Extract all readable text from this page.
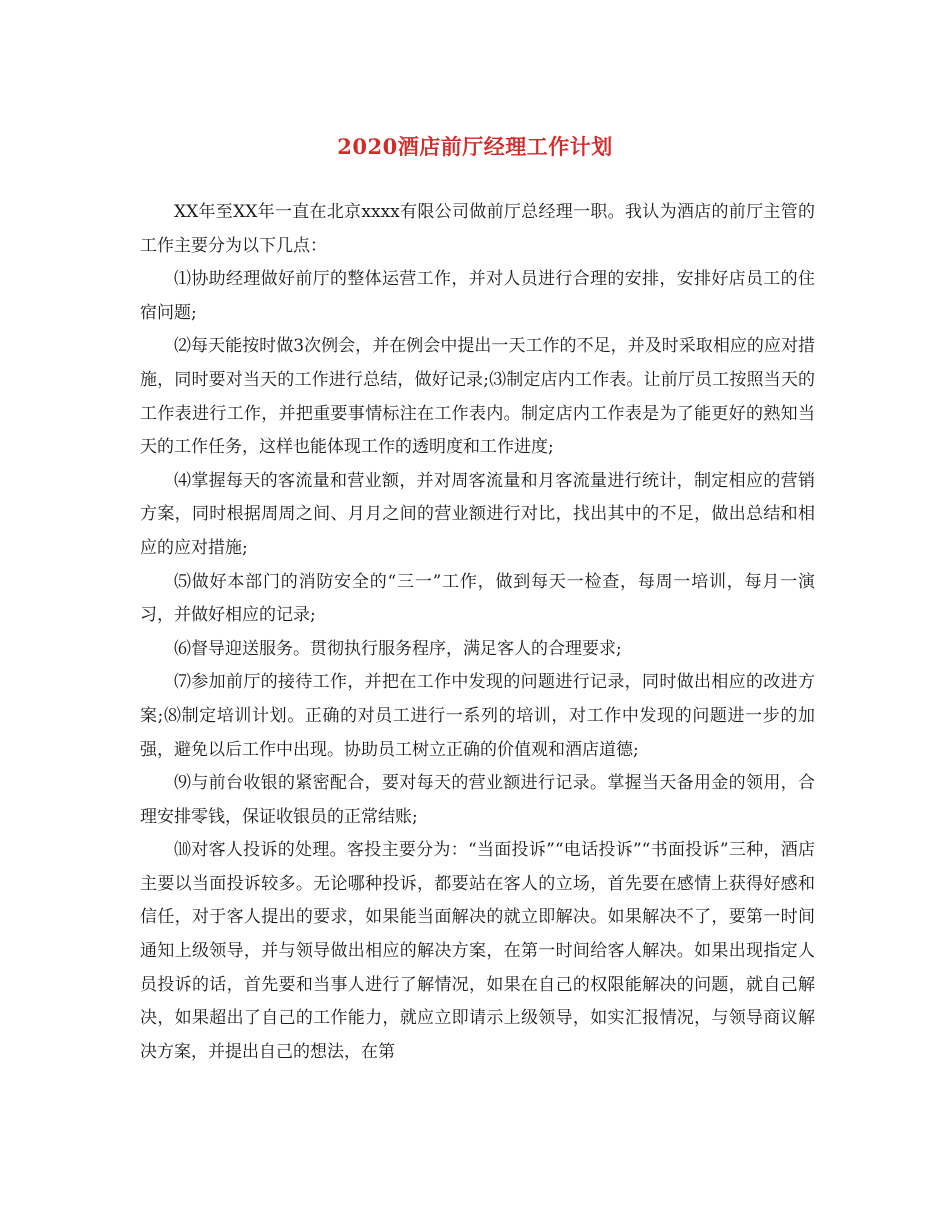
2020酒店前厅经理工作计划

XX年至XX年一直在北京xxxx有限公司做前厅总经理一职。我认为酒店的前厅主管的工作主要分为以下几点：

⑴协助经理做好前厅的整体运营工作，并对人员进行合理的安排，安排好店员工的住宿问题;

⑵每天能按时做3次例会，并在例会中提出一天工作的不足，并及时采取相应的应对措施，同时要对当天的工作进行总结，做好记录;⑶制定店内工作表。让前厅员工按照当天的工作表进行工作，并把重要事情标注在工作表内。制定店内工作表是为了能更好的熟知当天的工作任务，这样也能体现工作的透明度和工作进度;

⑷掌握每天的客流量和营业额，并对周客流量和月客流量进行统计，制定相应的营销方案，同时根据周周之间、月月之间的营业额进行对比，找出其中的不足，做出总结和相应的应对措施;

⑸做好本部门的消防安全的“三一”工作，做到每天一检查，每周一培训，每月一演习，并做好相应的记录;

⑹督导迎送服务。贯彻执行服务程序，满足客人的合理要求;

⑺参加前厅的接待工作，并把在工作中发现的问题进行记录，同时做出相应的改进方案;⑻制定培训计划。正确的对员工进行一系列的培训，对工作中发现的问题进一步的加强，避免以后工作中出现。协助员工树立正确的价值观和酒店道德;

⑼与前台收银的紧密配合，要对每天的营业额进行记录。掌握当天备用金的领用，合理安排零钱，保证收银员的正常结账;

⑽对客人投诉的处理。客投主要分为：“当面投诉”“电话投诉”“书面投诉”三种，酒店主要以当面投诉较多。无论哪种投诉，都要站在客人的立场，首先要在感情上获得好感和信任，对于客人提出的要求，如果能当面解决的就立即解决。如果解决不了，要第一时间通知上级领导，并与领导做出相应的解决方案，在第一时间给客人解决。如果出现指定人员投诉的话，首先要和当事人进行了解情况，如果在自己的权限能解决的问题，就自己解决，如果超出了自己的工作能力，就应立即请示上级领导，如实汇报情况，与领导商议解决方案，并提出自己的想法，在第
